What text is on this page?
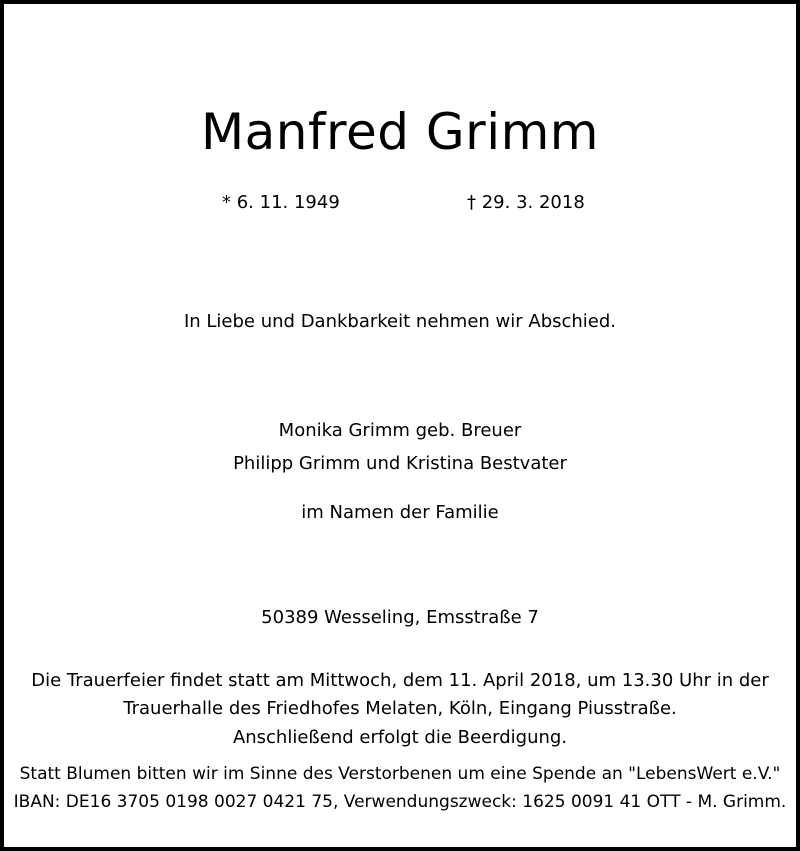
Manfred Grimm
* 6. 11. 1949	† 29. 3. 2018
In Liebe und Dankbarkeit nehmen wir Abschied.
Monika Grimm geb. Breuer
Philipp Grimm und Kristina Bestvater
im Namen der Familie
50389 Wesseling, Emsstraße 7
Die Trauerfeier findet statt am Mittwoch, dem 11. April 2018, um 13.30 Uhr in der
Trauerhalle des Friedhofes Melaten, Köln, Eingang Piusstraße.
Anschließend erfolgt die Beerdigung.
Statt Blumen bitten wir im Sinne des Verstorbenen um eine Spende an "LebensWert e.V."
IBAN: DE16 3705 0198 0027 0421 75, Verwendungszweck: 1625 0091 41 OTT - M. Grimm.
